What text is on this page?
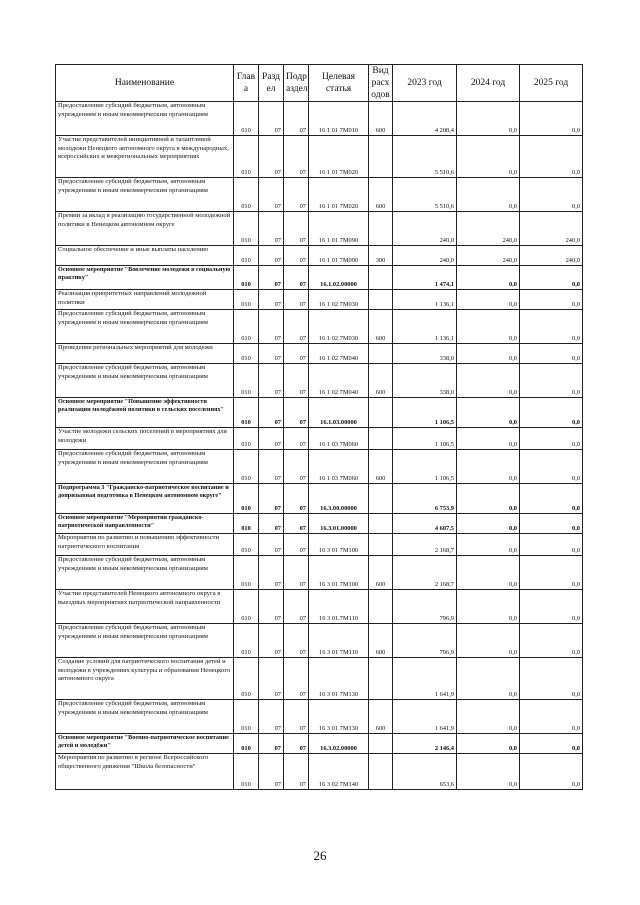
Наименование	Глав а	Разд ел	Подр аздел	Целевая статья	Вид расх одов	2023 год	2024 год	2025 год
Предоставление субсидий бюджетным, автономным учреждениям и иным некоммерческим организациям	010	07	07	16 1 01 7М010	600	4 208,4	0,0	0,0
Участие представителей инициативной и талантливой молодежи Ненецкого автономного округа в международных, всероссийских и межрегиональных мероприятиях	010	07	07	16 1 01 7М020		5 510,6	0,0	0,0
Предоставление субсидий бюджетным, автономным учреждениям и иным некоммерческим организациям	010	07	07	16 1 01 7М020	600	5 510,6	0,0	0,0
Премии за вклад в реализацию государственной молодежной политики в Ненецком автономном округе	010	07	07	16 1 01 7М090		240,0	240,0	240,0
Социальное обеспечение и иные выплаты населению	010	07	07	16 1 01 7М090	300	240,0	240,0	240,0
Основное мероприятие "Вовлечение молодежи в социальную практику"	010	07	07	16.1.02.00000		1 474,1	0,0	0,0
Реализация приоритетных направлений молодежной политики	010	07	07	16 1 02 7М030		1 136,1	0,0	0,0
Предоставление субсидий бюджетным, автономным учреждениям и иным некоммерческим организациям	010	07	07	16 1 02 7М030	600	1 136,1	0,0	0,0
Проведение региональных мероприятий для молодежи	010	07	07	16 1 02 7М040		338,0	0,0	0,0
Предоставление субсидий бюджетным, автономным учреждениям и иным некоммерческим организациям	010	07	07	16 1 02 7М040	600	338,0	0,0	0,0
Основное мероприятие "Повышение эффективности реализации молодёжной политики в сельских поселениях"	010	07	07	16.1.03.00000		1 106,5	0,0	0,0
Участие молодежи сельских поселений в мероприятиях для молодежи	010	07	07	16 1 03 7М060		1 106,5	0,0	0,0
Предоставление субсидий бюджетным, автономным учреждениям и иным некоммерческим организациям	010	07	07	16 1 03 7М060	600	1 106,5	0,0	0,0
Подпрограмма 3 "Гражданско-патриотическое воспитание и допризывная подготовка в Ненецком автономном округе"	010	07	07	16.3.00.00000		6 753,9	0,0	0,0
Основное мероприятие "Мероприятия гражданско-патриотической направленности"	010	07	07	16.3.01.00000		4 607,5	0,0	0,0
Мероприятия по развитию и повышению эффективности патриотического воспитания	010	07	07	16 3 01 7М100		2 168,7	0,0	0,0
Предоставление субсидий бюджетным, автономным учреждениям и иным некоммерческим организациям	010	07	07	16 3 01 7М100	600	2 168,7	0,0	0,0
Участие представителей Ненецкого автономного округа в выездных мероприятиях патриотической направленности	010	07	07	16 3 01.7М110		796,9	0,0	0,0
Предоставление субсидий бюджетным, автономным учреждениям и иным некоммерческим организациям	010	07	07	16 3 01 7М110	600	796,9	0,0	0,0
Создание условий для патриотического воспитания детей и молодежи в учреждениях культуры и образования Ненецкого автономного округа	010	07	07	16 3 01 7М130		1 641,9	0,0	0,0
Предоставление субсидий бюджетным, автономным учреждениям и иным некоммерческим организациям	010	07	07	16 3 01 7М130	600	1 641,9	0,0	0,0
Основное мероприятие "Военно-патриотическое воспитание детей и молодёжи"	010	07	07	16.3.02.00000		2 146,4	0,0	0,0
Мероприятия по развитию в регионе Всероссийского общественного движения "Школа безопасности"	010	07	07	16 3 02 7М140		653,6	0,0	0,0
26
